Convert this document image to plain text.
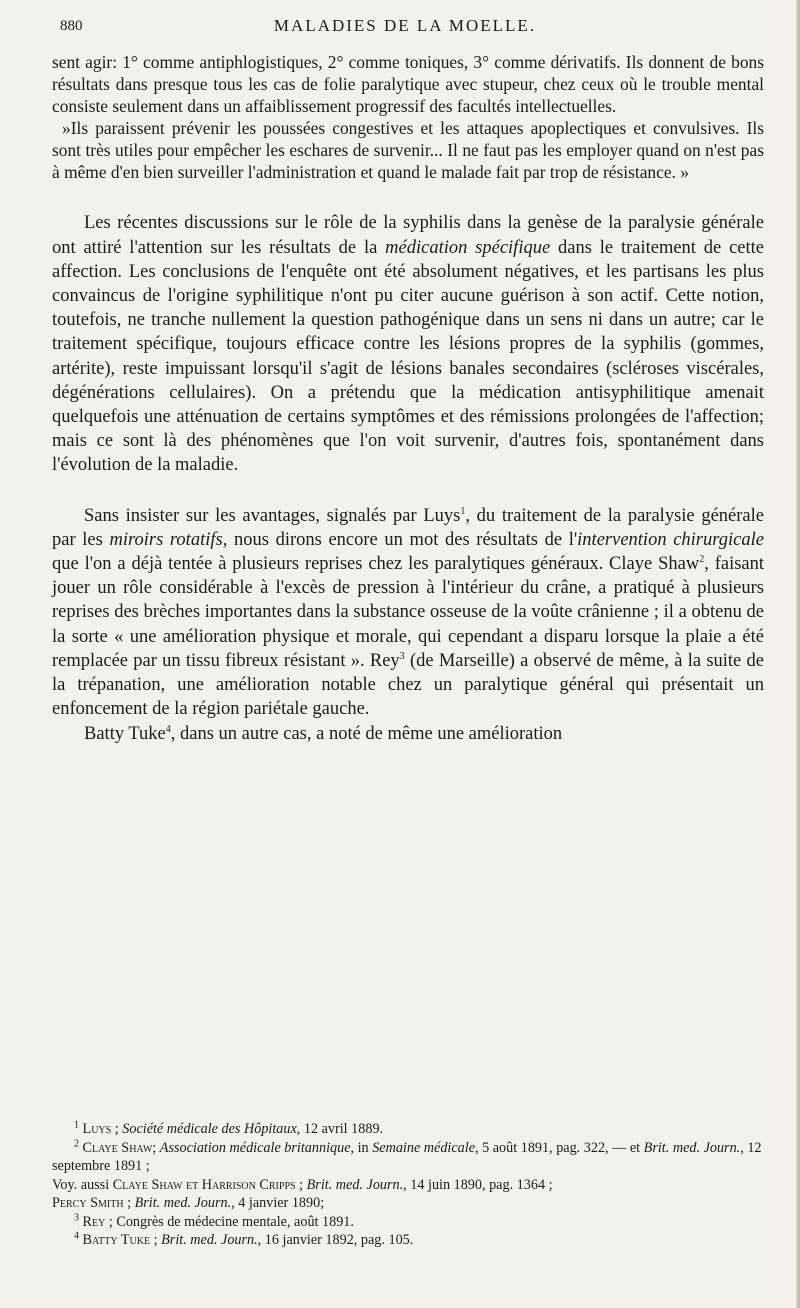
880	MALADIES DE LA MOELLE.

sent agir: 1° comme antiphlogistiques, 2° comme toniques, 3° comme dérivatifs. Ils donnent de bons résultats dans presque tous les cas de folie paralytique avec stupeur, chez ceux où le trouble mental consiste seulement dans un affaiblissement progressif des facultés intellectuelles.

»Ils paraissent prévenir les poussées congestives et les attaques apoplectiques et convulsives. Ils sont très utiles pour empêcher les eschares de survenir... Il ne faut pas les employer quand on n'est pas à même d'en bien surveiller l'administration et quand le malade fait par trop de résistance. »

Les récentes discussions sur le rôle de la syphilis dans la genèse de la paralysie générale ont attiré l'attention sur les résultats de la médication spécifique dans le traitement de cette affection. Les conclusions de l'enquête ont été absolument négatives, et les partisans les plus convaincus de l'origine syphilitique n'ont pu citer aucune guérison à son actif. Cette notion, toutefois, ne tranche nullement la question pathogénique dans un sens ni dans un autre; car le traitement spécifique, toujours efficace contre les lésions propres de la syphilis (gommes, artérite), reste impuissant lorsqu'il s'agit de lésions banales secondaires (scléroses viscérales, dégénérations cellulaires). On a prétendu que la médication antisyphilitique amenait quelquefois une atténuation de certains symptômes et des rémissions prolongées de l'affection; mais ce sont là des phénomènes que l'on voit survenir, d'autres fois, spontanément dans l'évolution de la maladie.

Sans insister sur les avantages, signalés par Luys$^1$, du traitement de la paralysie générale par les miroirs rotatifs, nous dirons encore un mot des résultats de l'intervention chirurgicale que l'on a déjà tentée à plusieurs reprises chez les paralytiques généraux. Claye Shaw$^2$, faisant jouer un rôle considérable à l'excès de pression à l'intérieur du crâne, a pratiqué à plusieurs reprises des brèches importantes dans la substance osseuse de la voûte crânienne ; il a obtenu de la sorte « une amélioration physique et morale, qui cependant a disparu lorsque la plaie a été remplacée par un tissu fibreux résistant ». Rey$^3$ (de Marseille) a observé de même, à la suite de la trépanation, une amélioration notable chez un paralytique général qui présentait un enfoncement de la région pariétale gauche.

Batty Tuke$^4$, dans un autre cas, a noté de même une amélioration

$^1$ Luys ; Société médicale des Hôpitaux, 12 avril 1889.

$^2$ Claye Shaw; Association médicale britannique, in Semaine médicale, 5 août 1891, pag. 322, — et Brit. med. Journ., 12 septembre 1891 ;

Voy. aussi Claye Shaw et Harrison Cripps ; Brit. med. Journ., 14 juin 1890, pag. 1364 ;

Percy Smith ; Brit. med. Journ., 4 janvier 1890;

$^3$ Rey ; Congrès de médecine mentale, août 1891.

$^4$ Batty Tuke ; Brit. med. Journ., 16 janvier 1892, pag. 105.
